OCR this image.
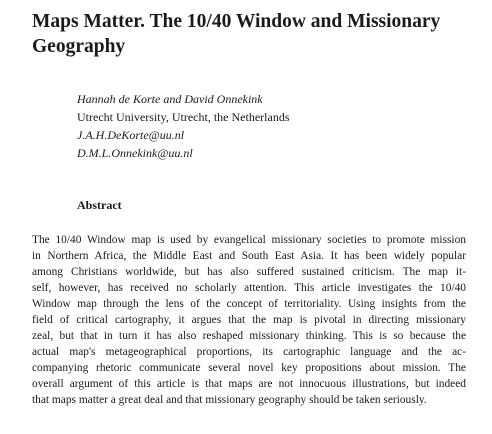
Maps Matter. The 10/40 Window and Missionary Geography
Hannah de Korte and David Onnekink
Utrecht University, Utrecht, the Netherlands
J.A.H.DeKorte@uu.nl
D.M.L.Onnekink@uu.nl
Abstract
The 10/40 Window map is used by evangelical missionary societies to promote mission
in Northern Africa, the Middle East and South East Asia. It has been widely popular
among Christians worldwide, but has also suffered sustained criticism. The map it-
self, however, has received no scholarly attention. This article investigates the 10/40
Window map through the lens of the concept of territoriality. Using insights from the
field of critical cartography, it argues that the map is pivotal in directing missionary
zeal, but that in turn it has also reshaped missionary thinking. This is so because the
actual map's metageographical proportions, its cartographic language and the ac-
companying rhetoric communicate several novel key propositions about mission. The
overall argument of this article is that maps are not innocuous illustrations, but indeed
that maps matter a great deal and that missionary geography should be taken seriously.
